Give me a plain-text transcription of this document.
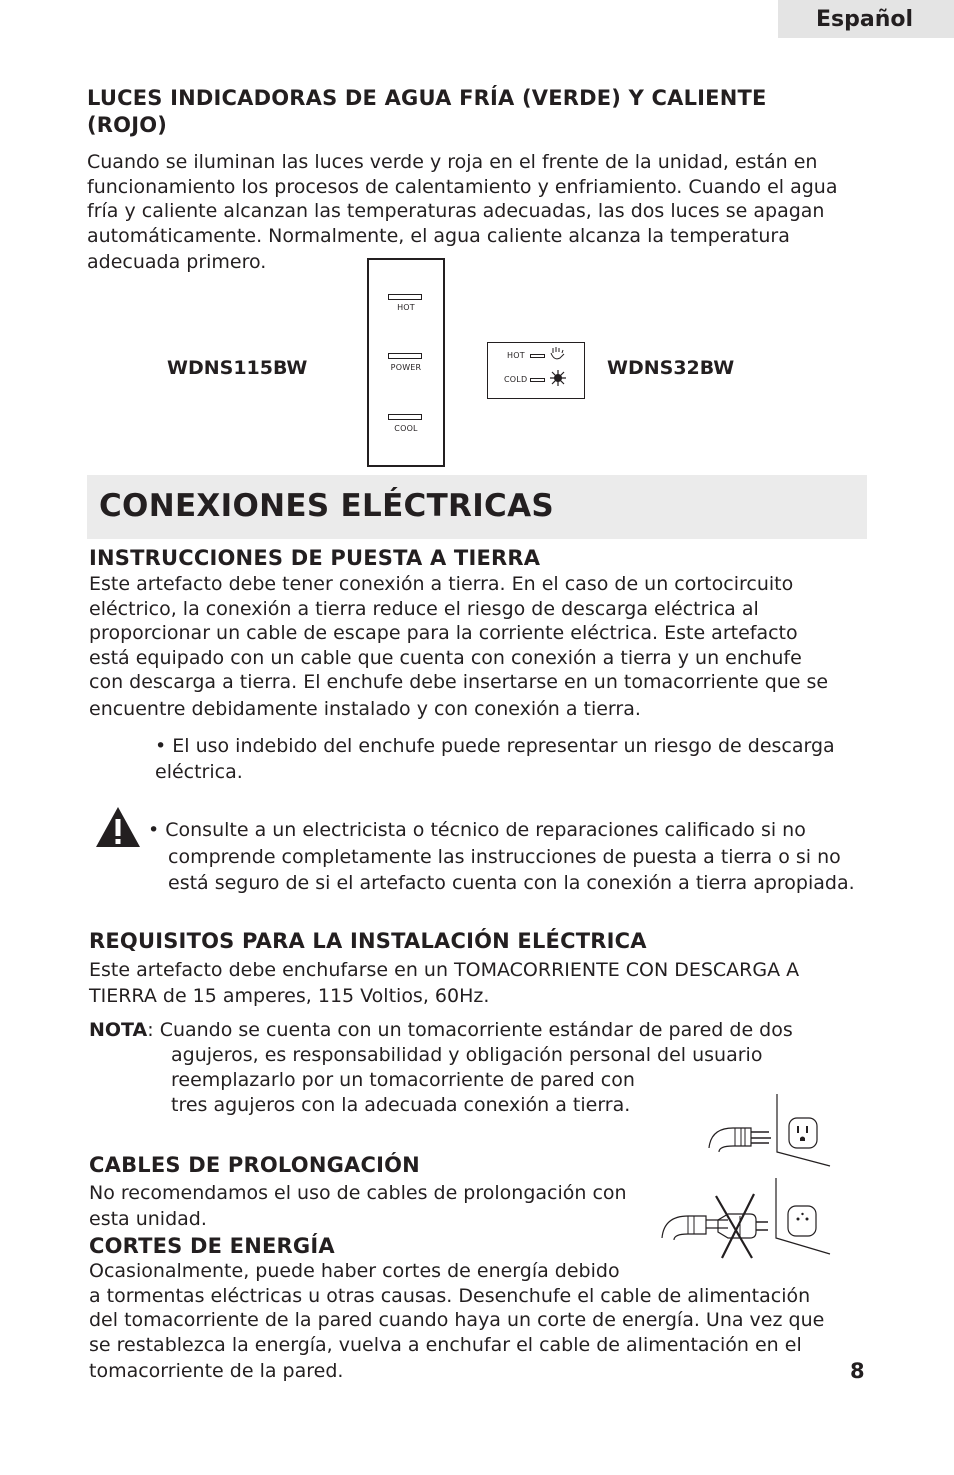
Español
LUCES INDICADORAS DE AGUA FRÍA (VERDE) Y CALIENTE
(ROJO)
Cuando se iluminan las luces verde y roja en el frente de la unidad, están en
funcionamiento los procesos de calentamiento y enfriamiento. Cuando el agua
fría y caliente alcanzan las temperaturas adecuadas, las dos luces se apagan
automáticamente. Normalmente, el agua caliente alcanza la temperatura
adecuada primero.
WDNS115BW	WDNS32BW
HOT
POWER
COOL
HOT
COLD
CONEXIONES ELÉCTRICAS
INSTRUCCIONES DE PUESTA A TIERRA
Este artefacto debe tener conexión a tierra. En el caso de un cortocircuito
eléctrico, la conexión a tierra reduce el riesgo de descarga eléctrica al
proporcionar un cable de escape para la corriente eléctrica. Este artefacto
está equipado con un cable que cuenta con conexión a tierra y un enchufe
con descarga a tierra. El enchufe debe insertarse en un tomacorriente que se
encuentre debidamente instalado y con conexión a tierra.
• El uso indebido del enchufe puede representar un riesgo de descarga
eléctrica.
• Consulte a un electricista o técnico de reparaciones calificado si no
comprende completamente las instrucciones de puesta a tierra o si no
está seguro de si el artefacto cuenta con la conexión a tierra apropiada.
REQUISITOS PARA LA INSTALACIÓN ELÉCTRICA
Este artefacto debe enchufarse en un TOMACORRIENTE CON DESCARGA A
TIERRA de 15 amperes, 115 Voltios, 60Hz.
NOTA: Cuando se cuenta con un tomacorriente estándar de pared de dos
agujeros, es responsabilidad y obligación personal del usuario
reemplazarlo por un tomacorriente de pared con
tres agujeros con la adecuada conexión a tierra.
CABLES DE PROLONGACIÓN
No recomendamos el uso de cables de prolongación con
esta unidad.
CORTES DE ENERGÍA
Ocasionalmente, puede haber cortes de energía debido
a tormentas eléctricas u otras causas. Desenchufe el cable de alimentación
del tomacorriente de la pared cuando haya un corte de energía. Una vez que
se restablezca la energía, vuelva a enchufar el cable de alimentación en el
tomacorriente de la pared.	8
